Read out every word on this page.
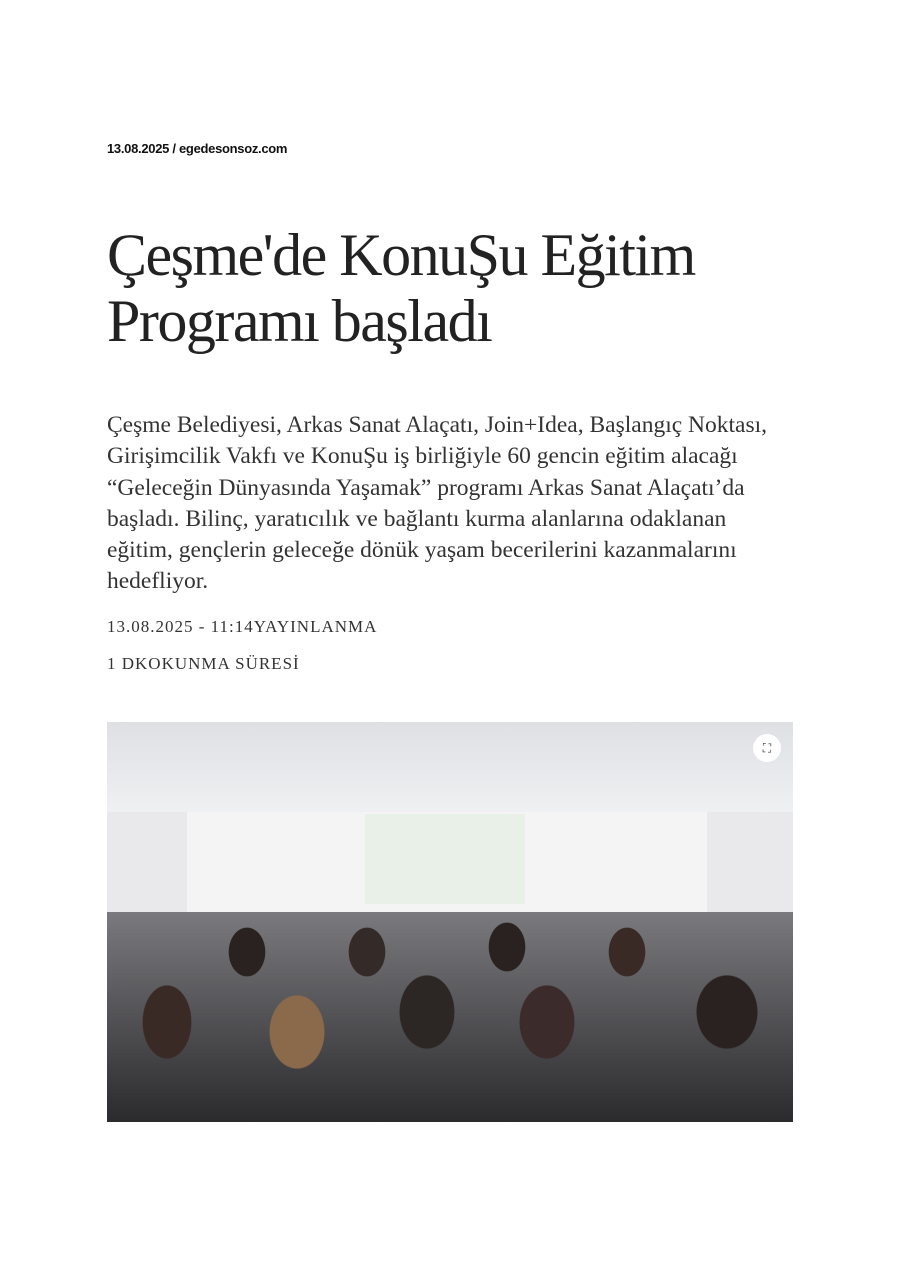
13.08.2025 / egedesonsoz.com
Çeşme'de KonuŞu Eğitim Programı başladı

Çeşme Belediyesi, Arkas Sanat Alaçatı, Join+Idea, Başlangıç Noktası, Girişimcilik Vakfı ve KonuŞu iş birliğiyle 60 gencin eğitim alacağı “Geleceğin Dünyasında Yaşamak” programı Arkas Sanat Alaçatı’da başladı. Bilinç, yaratıcılık ve bağlantı kurma alanlarına odaklanan eğitim, gençlerin geleceğe dönük yaşam becerilerini kazanmalarını hedefliyor.

13.08.2025 - 11:14YAYINLANMA
1 DKOKUNMA SÜRESİ
⛶
